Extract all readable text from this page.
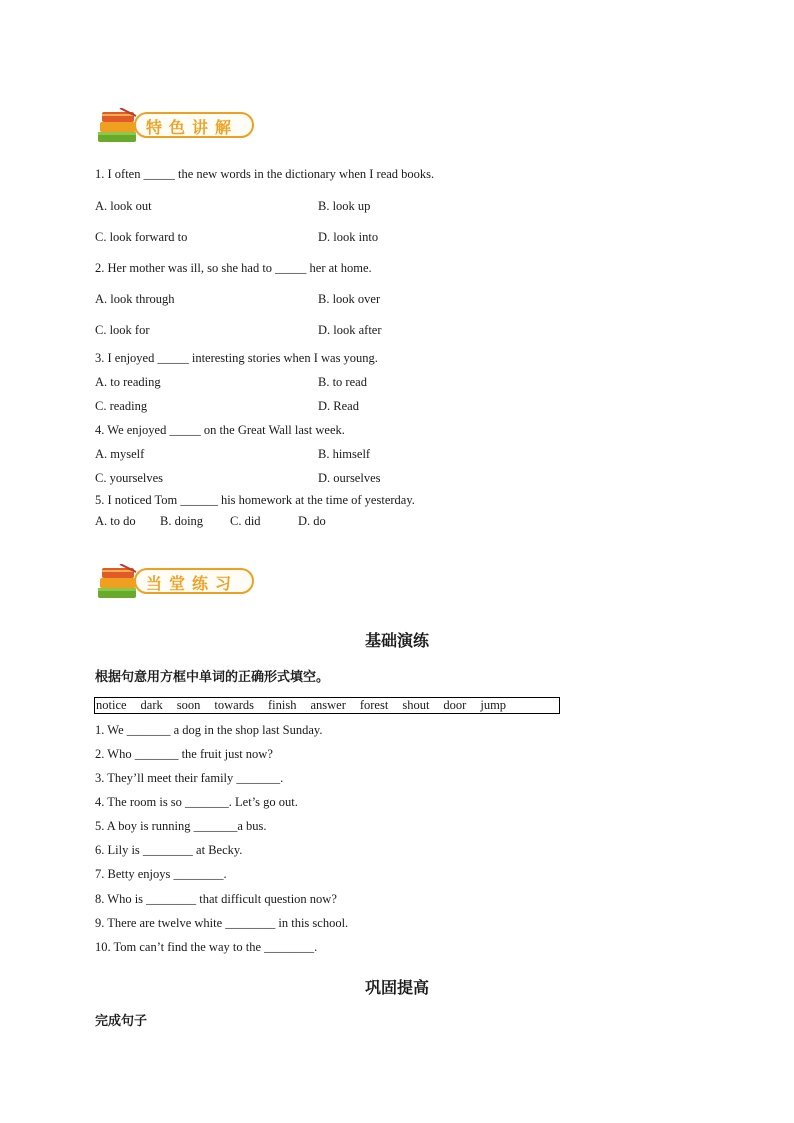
特色讲解
1. I often _____ the new words in the dictionary when I read books.
A. look out	B. look up
C. look forward to	D. look into
2. Her mother was ill, so she had to _____ her at home.
A. look through	B. look over
C. look for	D. look after
3. I enjoyed _____ interesting stories when I was young.
A. to reading	B. to read
C. reading	D. Read
4. We enjoyed _____ on the Great Wall last week.
A. myself	B. himself
C. yourselves	D. ourselves
5. I noticed Tom ______ his homework at the time of yesterday.
A. to do B. doing C. did	D. do
当堂练习
基础演练
根据句意用方框中单词的正确形式填空。
notice dark soon towards finish answer forest shout door jump
1. We _______ a dog in the shop last Sunday.
2. Who _______ the fruit just now?
3. They’ll meet their family _______.
4. The room is so _______. Let’s go out.
5. A boy is running _______a bus.
6. Lily is ________ at Becky.
7. Betty enjoys ________.
8. Who is ________ that difficult question now?
9. There are twelve white ________ in this school.
10. Tom can’t find the way to the ________.
巩固提高
完成句子
